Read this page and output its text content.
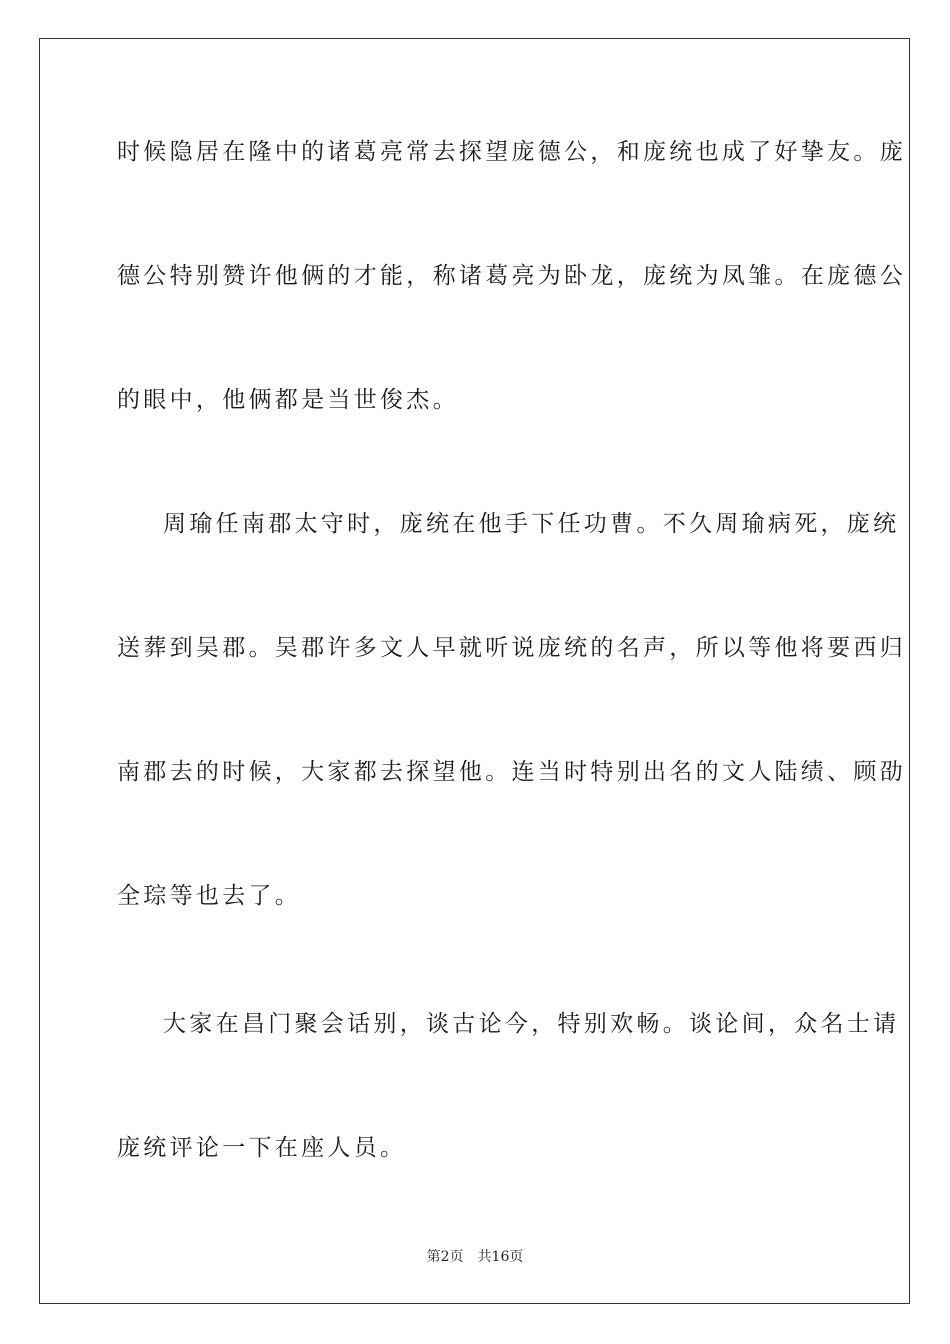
时候隐居在隆中的诸葛亮常去探望庞德公，和庞统也成了好挚友。庞
德公特别赞许他俩的才能，称诸葛亮为卧龙，庞统为凤雏。在庞德公
的眼中，他俩都是当世俊杰。
周瑜任南郡太守时，庞统在他手下任功曹。不久周瑜病死，庞统
送葬到吴郡。吴郡许多文人早就听说庞统的名声，所以等他将要西归
南郡去的时候，大家都去探望他。连当时特别出名的文人陆绩、顾劭
全琮等也去了。
大家在昌门聚会话别，谈古论今，特别欢畅。谈论间，众名士请
庞统评论一下在座人员。
第2页 共16页
